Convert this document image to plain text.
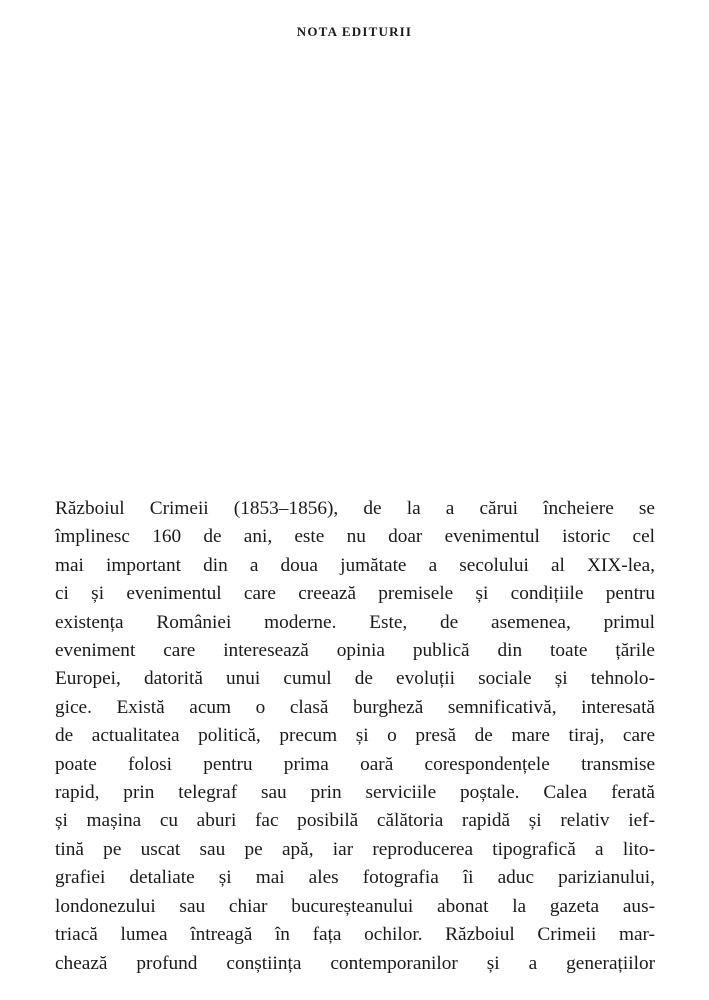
NOTA EDITURII
Războiul Crimeii (1853–1856), de la a cărui încheiere se
împlinesc 160 de ani, este nu doar evenimentul istoric cel
mai important din a doua jumătate a secolului al XIX-lea,
ci și evenimentul care creează premisele și condițiile pentru
existența României moderne. Este, de asemenea, primul
eveniment care interesează opinia publică din toate țările
Europei, datorită unui cumul de evoluții sociale și tehnolo-
gice. Există acum o clasă burgheză semnificativă, interesată
de actualitatea politică, precum și o presă de mare tiraj, care
poate folosi pentru prima oară corespondențele transmise
rapid, prin telegraf sau prin serviciile poștale. Calea ferată
și mașina cu aburi fac posibilă călătoria rapidă și relativ ief-
tină pe uscat sau pe apă, iar reproducerea tipografică a lito-
grafiei detaliate și mai ales fotografia îi aduc parizianului,
londonezului sau chiar bucureșteanului abonat la gazeta aus-
triacă lumea întreagă în fața ochilor. Războiul Crimeii mar-
chează profund conștiința contemporanilor și a generațiilor
